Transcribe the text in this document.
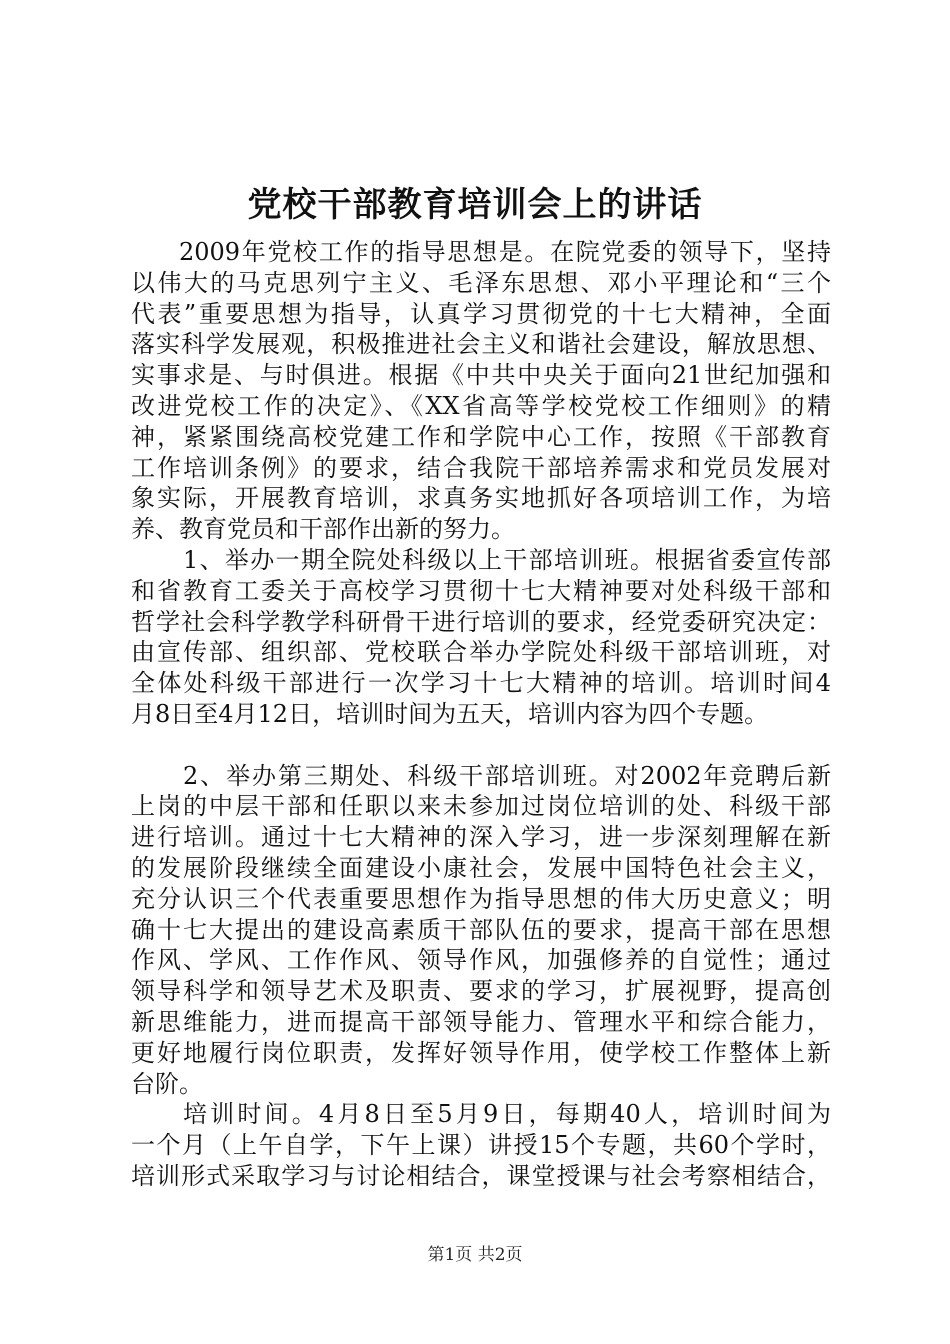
党校干部教育培训会上的讲话
2009年党校工作的指导思想是。在院党委的领导下，坚持
以伟大的马克思列宁主义、毛泽东思想、邓小平理论和“三个
代表”重要思想为指导，认真学习贯彻党的十七大精神，全面
落实科学发展观，积极推进社会主义和谐社会建设，解放思想、
实事求是、与时俱进。根据《中共中央关于面向21世纪加强和
改进党校工作的决定》、《XX省高等学校党校工作细则》的精
神，紧紧围绕高校党建工作和学院中心工作，按照《干部教育
工作培训条例》的要求，结合我院干部培养需求和党员发展对
象实际，开展教育培训，求真务实地抓好各项培训工作，为培
养、教育党员和干部作出新的努力。
1、举办一期全院处科级以上干部培训班。根据省委宣传部
和省教育工委关于高校学习贯彻十七大精神要对处科级干部和
哲学社会科学教学科研骨干进行培训的要求，经党委研究决定：
由宣传部、组织部、党校联合举办学院处科级干部培训班，对
全体处科级干部进行一次学习十七大精神的培训。培训时间4
月8日至4月12日，培训时间为五天，培训内容为四个专题。
2、举办第三期处、科级干部培训班。对2002年竞聘后新
上岗的中层干部和任职以来未参加过岗位培训的处、科级干部
进行培训。通过十七大精神的深入学习，进一步深刻理解在新
的发展阶段继续全面建设小康社会，发展中国特色社会主义，
充分认识三个代表重要思想作为指导思想的伟大历史意义；明
确十七大提出的建设高素质干部队伍的要求，提高干部在思想
作风、学风、工作作风、领导作风，加强修养的自觉性；通过
领导科学和领导艺术及职责、要求的学习，扩展视野，提高创
新思维能力，进而提高干部领导能力、管理水平和综合能力，
更好地履行岗位职责，发挥好领导作用，使学校工作整体上新
台阶。
培训时间。4月8日至5月9日，每期40人，培训时间为
一个月（上午自学，下午上课）讲授15个专题，共60个学时，
培训形式采取学习与讨论相结合，课堂授课与社会考察相结合，
第1页 共2页
